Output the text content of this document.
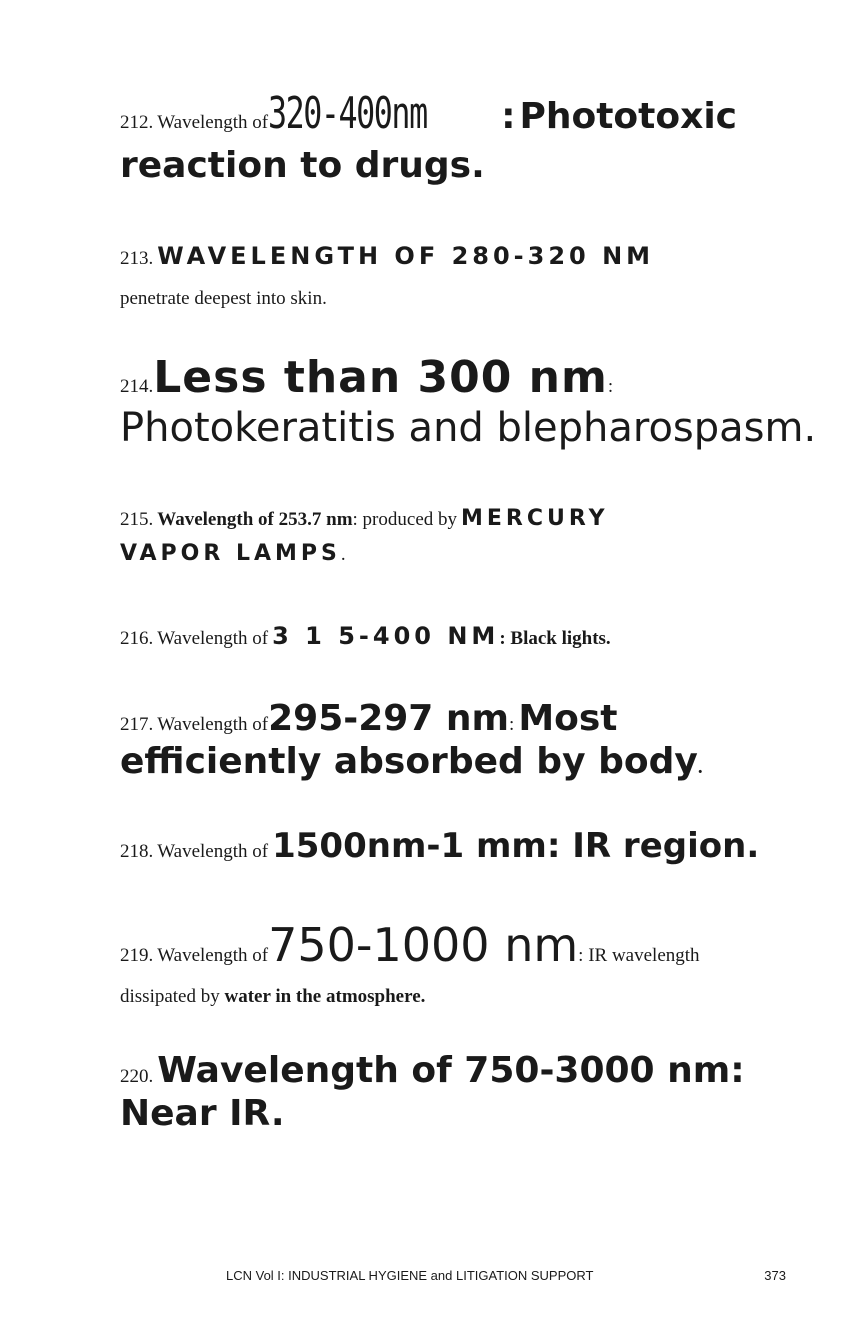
212. Wavelength of320-400nm : Phototoxic
reaction to drugs.
213. WAVELENGTH OF 280-320 NM
penetrate deepest into skin.
214.Less than 300 nm:
Photokeratitis and blepharospasm.
215. Wavelength of 253.7 nm: produced by MERCURY
VAPOR LAMPS.
216. Wavelength of 3 1 5-400 NM: Black lights.
217. Wavelength of295-297 nm: Most
efficiently absorbed by body.
218. Wavelength of 1500nm-1 mm: IR region.
219. Wavelength of750-1000 nm: IR wavelength
dissipated by water in the atmosphere.
220. Wavelength of 750-3000 nm:
Near IR.
LCN Vol I: INDUSTRIAL HYGIENE and LITIGATION SUPPORT	373
